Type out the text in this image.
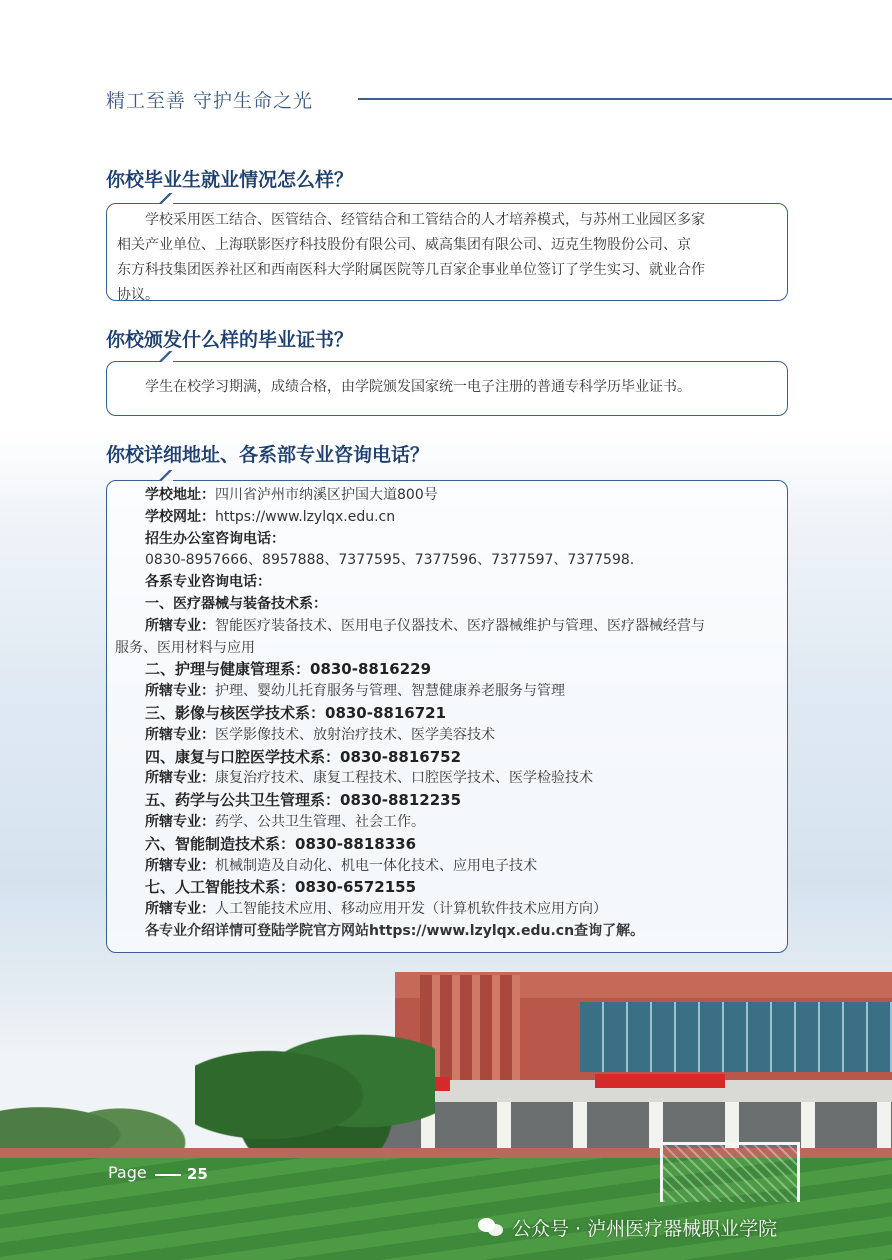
精工至善 守护生命之光
你校毕业生就业情况怎么样？
学校采用医工结合、医管结合、经管结合和工管结合的人才培养模式，与苏州工业园区多家
相关产业单位、上海联影医疗科技股份有限公司、威高集团有限公司、迈克生物股份公司、京
东方科技集团医养社区和西南医科大学附属医院等几百家企事业单位签订了学生实习、就业合作
协议。
你校颁发什么样的毕业证书？
学生在校学习期满，成绩合格，由学院颁发国家统一电子注册的普通专科学历毕业证书。
你校详细地址、各系部专业咨询电话？
学校地址：四川省泸州市纳溪区护国大道800号
学校网址：https://www.lzylqx.edu.cn
招生办公室咨询电话：
0830-8957666、8957888、7377595、7377596、7377597、7377598.
各系专业咨询电话：
一、医疗器械与装备技术系：
所辖专业：智能医疗装备技术、医用电子仪器技术、医疗器械维护与管理、医疗器械经营与
服务、医用材料与应用
二、护理与健康管理系：0830-8816229
所辖专业：护理、婴幼儿托育服务与管理、智慧健康养老服务与管理
三、影像与核医学技术系：0830-8816721
所辖专业：医学影像技术、放射治疗技术、医学美容技术
四、康复与口腔医学技术系：0830-8816752
所辖专业：康复治疗技术、康复工程技术、口腔医学技术、医学检验技术
五、药学与公共卫生管理系：0830-8812235
所辖专业：药学、公共卫生管理、社会工作。
六、智能制造技术系：0830-8818336
所辖专业：机械制造及自动化、机电一体化技术、应用电子技术
七、人工智能技术系：0830-6572155
所辖专业：人工智能技术应用、移动应用开发（计算机软件技术应用方向）
各专业介绍详情可登陆学院官方网站https://www.lzylqx.edu.cn查询了解。
Page	25
公众号 · 泸州医疗器械职业学院
